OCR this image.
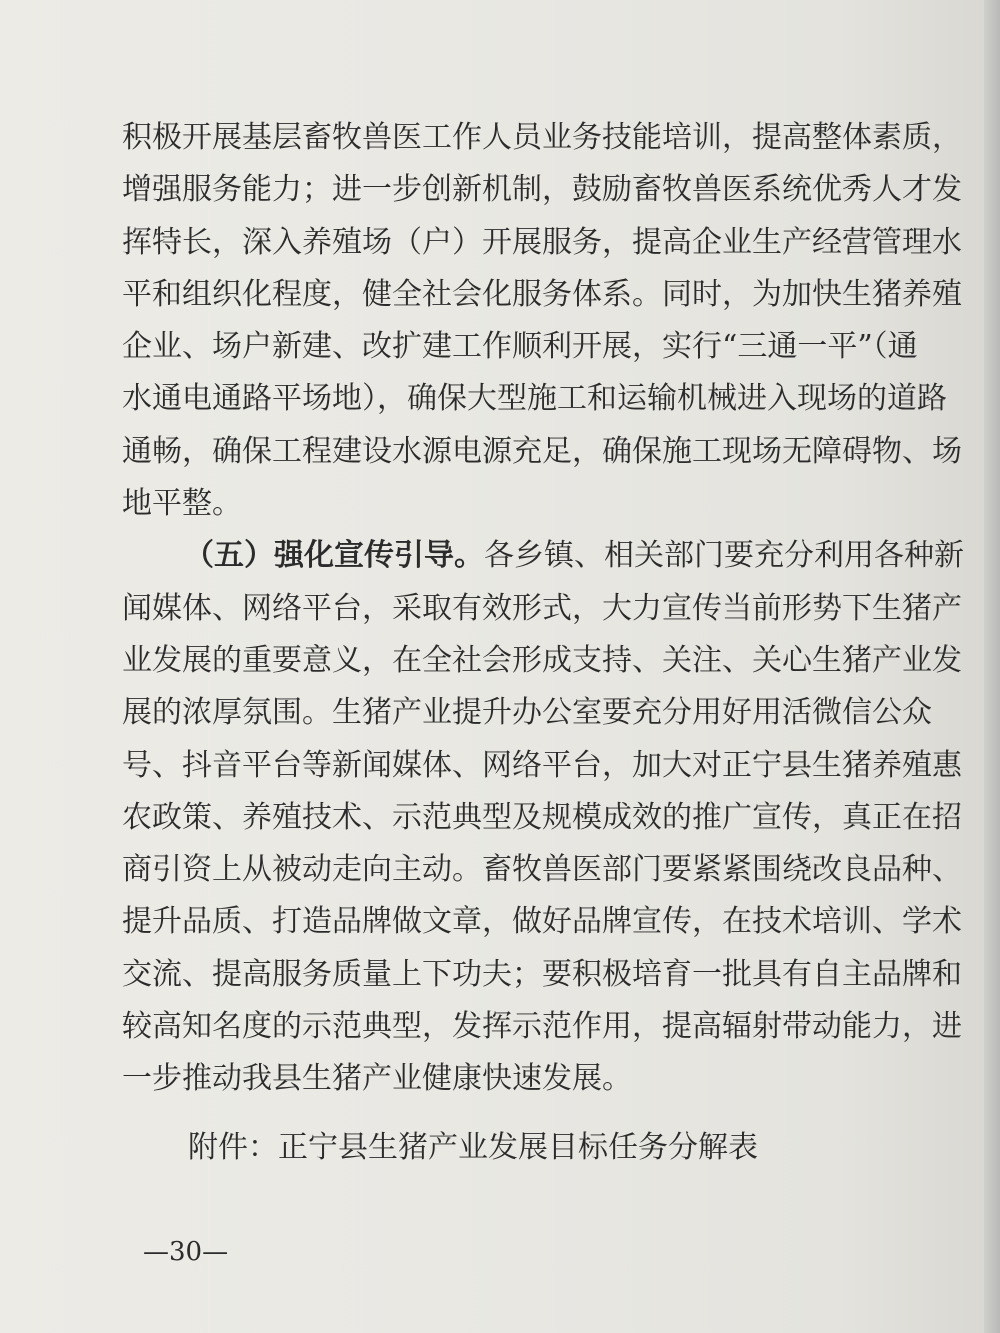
积极开展基层畜牧兽医工作人员业务技能培训，提高整体素质，
增强服务能力；进一步创新机制，鼓励畜牧兽医系统优秀人才发
挥特长，深入养殖场（户）开展服务，提高企业生产经营管理水
平和组织化程度，健全社会化服务体系。同时，为加快生猪养殖
企业、场户新建、改扩建工作顺利开展，实行“三通一平”（通
水通电通路平场地），确保大型施工和运输机械进入现场的道路
通畅，确保工程建设水源电源充足，确保施工现场无障碍物、场
地平整。
（五）强化宣传引导。各乡镇、相关部门要充分利用各种新
闻媒体、网络平台，采取有效形式，大力宣传当前形势下生猪产
业发展的重要意义，在全社会形成支持、关注、关心生猪产业发
展的浓厚氛围。生猪产业提升办公室要充分用好用活微信公众
号、抖音平台等新闻媒体、网络平台，加大对正宁县生猪养殖惠
农政策、养殖技术、示范典型及规模成效的推广宣传，真正在招
商引资上从被动走向主动。畜牧兽医部门要紧紧围绕改良品种、
提升品质、打造品牌做文章，做好品牌宣传，在技术培训、学术
交流、提高服务质量上下功夫；要积极培育一批具有自主品牌和
较高知名度的示范典型，发挥示范作用，提高辐射带动能力，进
一步推动我县生猪产业健康快速发展。
附件：正宁县生猪产业发展目标任务分解表
—30—
